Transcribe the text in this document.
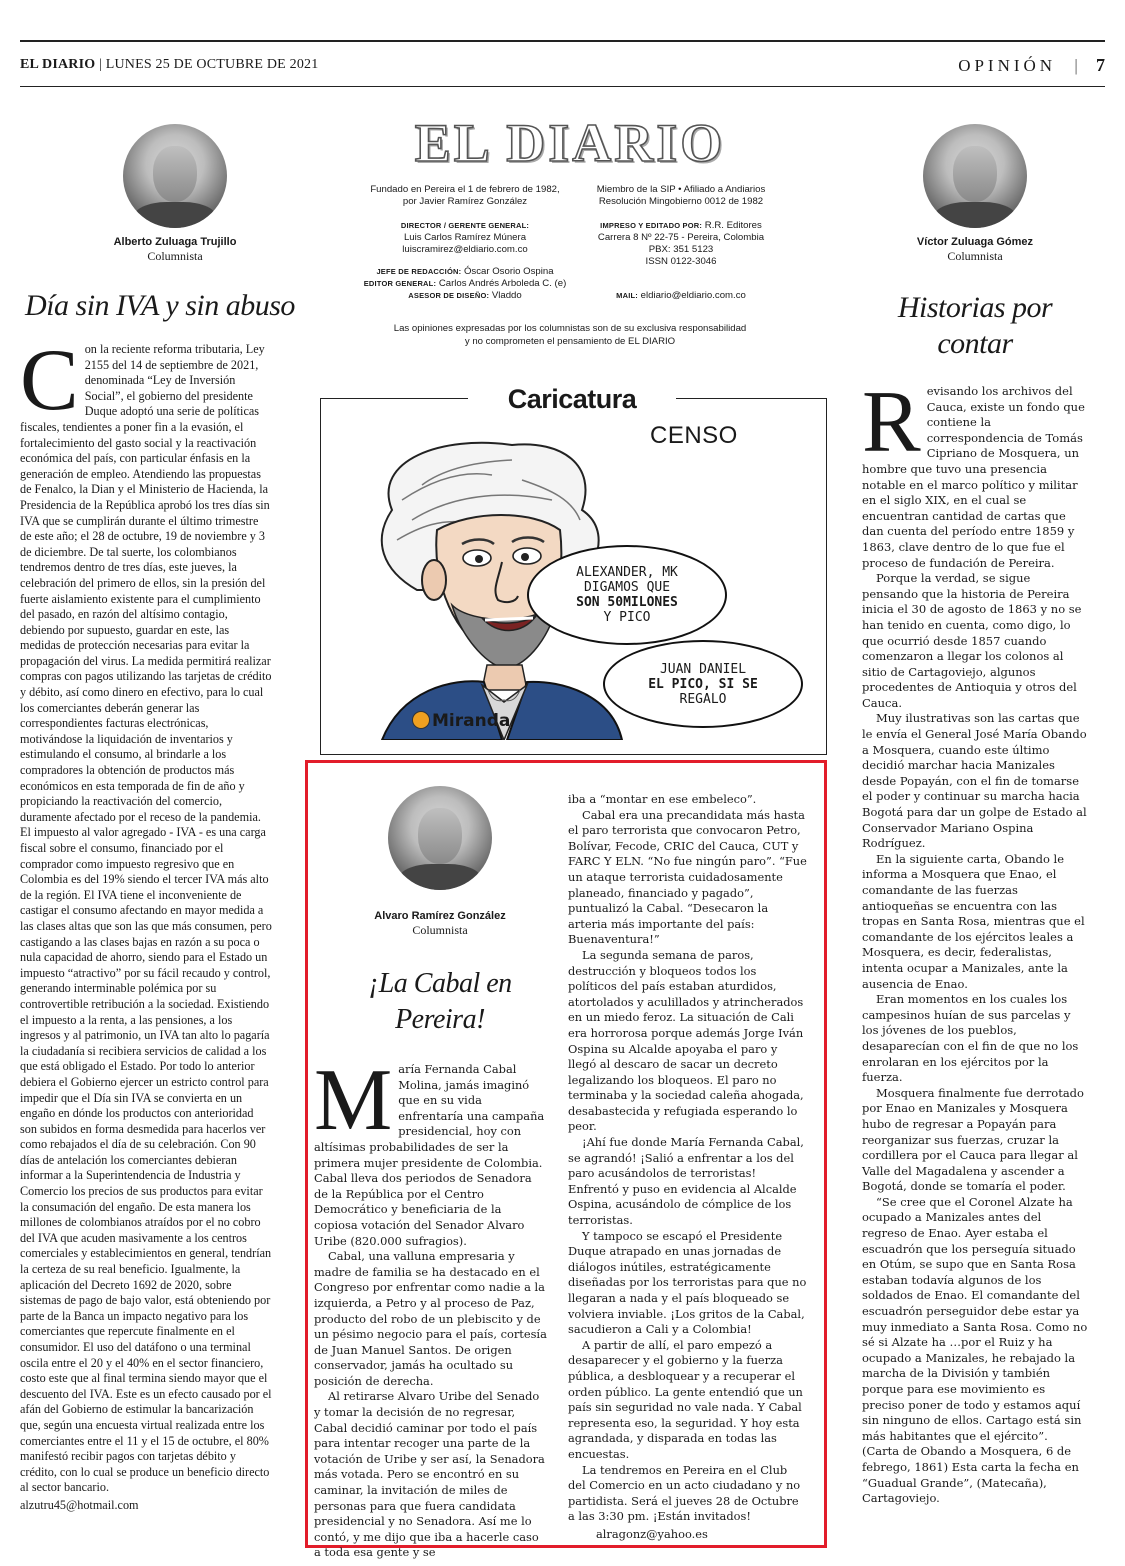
EL DIARIO | LUNES 25 DE OCTUBRE DE 2021	OPINIÓN | 7
Alberto Zuluaga Trujillo
Columnista
Día sin IVA y sin abuso
C on la reciente reforma tributaria, Ley 2155 del 14 de septiembre de 2021, denominada “Ley de Inversión Social”, el gobierno del presidente Duque adoptó una serie de políticas fiscales, tendientes a poner fin a la evasión, el fortalecimiento del gasto social y la reactivación económica del país, con particular énfasis en la generación de empleo. Atendiendo las propuestas de Fenalco, la Dian y el Ministerio de Hacienda, la Presidencia de la República aprobó los tres días sin IVA que se cumplirán durante el último trimestre de este año; el 28 de octubre, 19 de noviembre y 3 de diciembre. De tal suerte, los colombianos tendremos dentro de tres días, este jueves, la celebración del primero de ellos, sin la presión del fuerte aislamiento existente para el cumplimiento del pasado, en razón del altísimo contagio, debiendo por supuesto, guardar en este, las medidas de protección necesarias para evitar la propagación del virus. La medida permitirá realizar compras con pagos utilizando las tarjetas de crédito y débito, así como dinero en efectivo, para lo cual los comerciantes deberán generar las correspondientes facturas electrónicas, motivándose la liquidación de inventarios y estimulando el consumo, al brindarle a los compradores la obtención de productos más económicos en esta temporada de fin de año y propiciando la reactivación del comercio, duramente afectado por el receso de la pandemia. El impuesto al valor agregado - IVA - es una carga fiscal sobre el consumo, financiado por el comprador como impuesto regresivo que en Colombia es del 19% siendo el tercer IVA más alto de la región. El IVA tiene el inconveniente de castigar el consumo afectando en mayor medida a las clases altas que son las que más consumen, pero castigando a las clases bajas en razón a su poca o nula capacidad de ahorro, siendo para el Estado un impuesto “atractivo” por su fácil recaudo y control, generando interminable polémica por su controvertible retribución a la sociedad. Existiendo el impuesto a la renta, a las pensiones, a los ingresos y al patrimonio, un IVA tan alto lo pagaría la ciudadanía si recibiera servicios de calidad a los que está obligado el Estado. Por todo lo anterior debiera el Gobierno ejercer un estricto control para impedir que el Día sin IVA se convierta en un engaño en dónde los productos con anterioridad son subidos en forma desmedida para hacerlos ver como rebajados el día de su celebración. Con 90 días de antelación los comerciantes debieran informar a la Superintendencia de Industria y Comercio los precios de sus productos para evitar la consumación del engaño. De esta manera los millones de colombianos atraídos por el no cobro del IVA que acuden masivamente a los centros comerciales y establecimientos en general, tendrían la certeza de su real beneficio. Igualmente, la aplicación del Decreto 1692 de 2020, sobre sistemas de pago de bajo valor, está obteniendo por parte de la Banca un impacto negativo para los comerciantes que repercute finalmente en el consumidor. El uso del datáfono o una terminal oscila entre el 20 y el 40% en el sector financiero, costo este que al final termina siendo mayor que el descuento del IVA. Este es un efecto causado por el afán del Gobierno de estimular la bancarización que, según una encuesta virtual realizada entre los comerciantes entre el 11 y el 15 de octubre, el 80% manifestó recibir pagos con tarjetas débito y crédito, con lo cual se produce un beneficio directo al sector bancario.

alzutru45@hotmail.com
EL DIARIO
Fundado en Pereira el 1 de febrero de 1982,
por Javier Ramírez González
DIRECTOR / GERENTE GENERAL:
Luis Carlos Ramírez Múnera
luiscramirez@eldiario.com.co
JEFE DE REDACCIÓN: Óscar Osorio Ospina
EDITOR GENERAL: Carlos Andrés Arboleda C. (e)
ASESOR DE DISEÑO: Vladdo
Miembro de la SIP • Afiliado a Andiarios
Resolución Mingobierno 0012 de 1982
IMPRESO Y EDITADO POR: R.R. Editores
Carrera 8 Nº 22-75 - Pereira, Colombia
PBX: 351 5123
ISSN 0122-3046
MAIL: eldiario@eldiario.com.co
Las opiniones expresadas por los columnistas son de su exclusiva responsabilidad
y no comprometen el pensamiento de EL DIARIO
Caricatura
CENSO
ALEXANDER, MK
DIGAMOS QUE
SON 50MILONES
Y PICO
JUAN DANIEL
EL PICO, SI SE
REGALO
Miranda
Víctor Zuluaga Gómez
Columnista
Historias por contar
R evisando los archivos del Cauca, existe un fondo que contiene la correspondencia de Tomás Cipriano de Mosquera, un hombre que tuvo una presencia notable en el marco político y militar en el siglo XIX, en el cual se encuentran cantidad de cartas que dan cuenta del período entre 1859 y 1863, clave dentro de lo que fue el proceso de fundación de Pereira.

Porque la verdad, se sigue pensando que la historia de Pereira inicia el 30 de agosto de 1863 y no se han tenido en cuenta, como digo, lo que ocurrió desde 1857 cuando comenzaron a llegar los colonos al sitio de Cartagoviejo, algunos procedentes de Antioquia y otros del Cauca.

Muy ilustrativas son las cartas que le envía el General José María Obando a Mosquera, cuando este último decidió marchar hacia Manizales desde Popayán, con el fin de tomarse el poder y continuar su marcha hacia Bogotá para dar un golpe de Estado al Conservador Mariano Ospina Rodríguez.

En la siguiente carta, Obando le informa a Mosquera que Enao, el comandante de las fuerzas antioqueñas se encuentra con las tropas en Santa Rosa, mientras que el comandante de los ejércitos leales a Mosquera, es decir, federalistas, intenta ocupar a Manizales, ante la ausencia de Enao.

Eran momentos en los cuales los campesinos huían de sus parcelas y los jóvenes de los pueblos, desaparecían con el fin de que no los enrolaran en los ejércitos por la fuerza.

Mosquera finalmente fue derrotado por Enao en Manizales y Mosquera hubo de regresar a Popayán para reorganizar sus fuerzas, cruzar la cordillera por el Cauca para llegar al Valle del Magadalena y ascender a Bogotá, donde se tomaría el poder.

“Se cree que el Coronel Alzate ha ocupado a Manizales antes del regreso de Enao. Ayer estaba el escuadrón que los perseguía situado en Otúm, se supo que en Santa Rosa estaban todavía algunos de los soldados de Enao. El comandante del escuadrón perseguidor debe estar ya muy inmediato a Santa Rosa. Como no sé si Alzate ha …por el Ruiz y ha ocupado a Manizales, he rebajado la marcha de la División y también porque para ese movimiento es preciso poner de todo y estamos aquí sin ninguno de ellos. Cartago está sin más habitantes que el ejército”. (Carta de Obando a Mosquera, 6 de febrego, 1861) Esta carta la fecha en “Guadual Grande”, (Matecaña), Cartagoviejo.

Alvaro Ramírez González
Columnista
¡La Cabal en Pereira!
M aría Fernanda Cabal Molina, jamás imaginó que en su vida enfrentaría una campaña presidencial, hoy con altísimas probabilidades de ser la primera mujer presidente de Colombia. Cabal lleva dos periodos de Senadora de la República por el Centro Democrático y beneficiaria de la copiosa votación del Senador Alvaro Uribe (820.000 sufragios).

Cabal, una valluna empresaria y madre de familia se ha destacado en el Congreso por enfrentar como nadie a la izquierda, a Petro y al proceso de Paz, producto del robo de un plebiscito y de un pésimo negocio para el país, cortesía de Juan Manuel Santos. De origen conservador, jamás ha ocultado su posición de derecha.

Al retirarse Alvaro Uribe del Senado y tomar la decisión de no regresar, Cabal decidió caminar por todo el país para intentar recoger una parte de la votación de Uribe y ser así, la Senadora más votada. Pero se encontró en su caminar, la invitación de miles de personas para que fuera candidata presidencial y no Senadora. Así me lo contó, y me dijo que iba a hacerle caso a toda esa gente y se

iba a “montar en ese embeleco”.

Cabal era una precandidata más hasta el paro terrorista que convocaron Petro, Bolívar, Fecode, CRIC del Cauca, CUT y FARC Y ELN. “No fue ningún paro”. “Fue un ataque terrorista cuidadosamente planeado, financiado y pagado”, puntualizó la Cabal. “Desecaron la arteria más importante del país: Buenaventura!”

La segunda semana de paros, destrucción y bloqueos todos los políticos del país estaban aturdidos, atortolados y aculillados y atrincherados en un miedo feroz. La situación de Cali era horrorosa porque además Jorge Iván Ospina su Alcalde apoyaba el paro y llegó al descaro de sacar un decreto legalizando los bloqueos. El paro no terminaba y la sociedad caleña ahogada, desabastecida y refugiada esperando lo peor.

¡Ahí fue donde María Fernanda Cabal, se agrandó! ¡Salió a enfrentar a los del paro acusándolos de terroristas! Enfrentó y puso en evidencia al Alcalde Ospina, acusándolo de cómplice de los terroristas.

Y tampoco se escapó el Presidente Duque atrapado en unas jornadas de diálogos inútiles, estratégicamente diseñadas por los terroristas para que no llegaran a nada y el país bloqueado se volviera inviable. ¡Los gritos de la Cabal, sacudieron a Cali y a Colombia!

A partir de allí, el paro empezó a desaparecer y el gobierno y la fuerza pública, a desbloquear y a recuperar el orden público. La gente entendió que un país sin seguridad no vale nada. Y Cabal representa eso, la seguridad. Y hoy esta agrandada, y disparada en todas las encuestas.

La tendremos en Pereira en el Club del Comercio en un acto ciudadano y no partidista. Será el jueves 28 de Octubre a las 3:30 pm. ¡Están invitados!

alragonz@yahoo.es
